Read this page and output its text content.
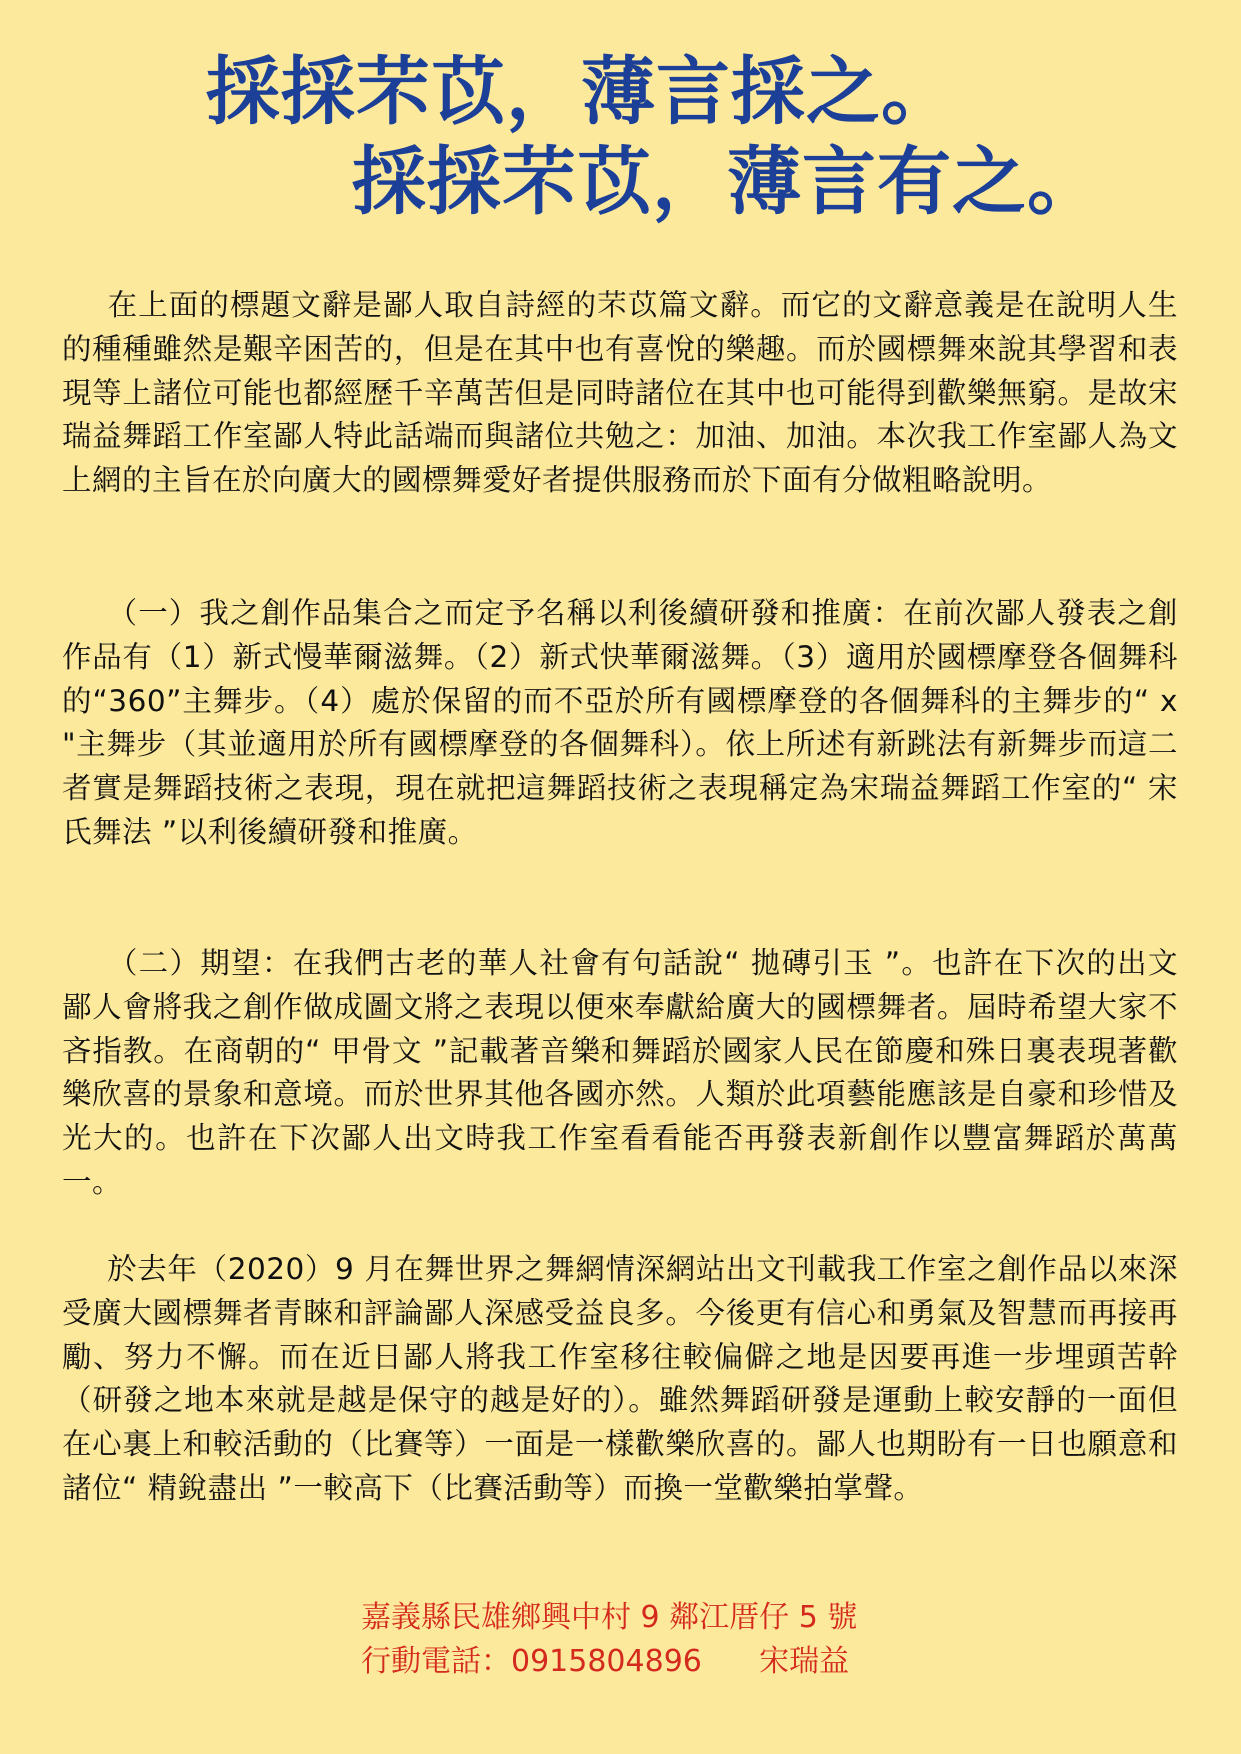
採採芣苡，薄言採之。
採採芣苡，薄言有之。

在上面的標題文辭是鄙人取自詩經的芣苡篇文辭。而它的文辭意義是在說明人生的種種雖然是艱辛困苦的，但是在其中也有喜悅的樂趣。而於國標舞來說其學習和表現等上諸位可能也都經歷千辛萬苦但是同時諸位在其中也可能得到歡樂無窮。是故宋瑞益舞蹈工作室鄙人特此話端而與諸位共勉之：加油、加油。本次我工作室鄙人為文上網的主旨在於向廣大的國標舞愛好者提供服務而於下面有分做粗略說明。

（一）我之創作品集合之而定予名稱以利後續研發和推廣：在前次鄙人發表之創作品有（1）新式慢華爾滋舞。（2）新式快華爾滋舞。（3）適用於國標摩登各個舞科的“360”主舞步。（4）處於保留的而不亞於所有國標摩登的各個舞科的主舞步的“ x "主舞步（其並適用於所有國標摩登的各個舞科）。依上所述有新跳法有新舞步而這二者實是舞蹈技術之表現，現在就把這舞蹈技術之表現稱定為宋瑞益舞蹈工作室的“ 宋氏舞法 ”以利後續研發和推廣。

（二）期望：在我們古老的華人社會有句話說“ 拋磚引玉 ”。也許在下次的出文鄙人會將我之創作做成圖文將之表現以便來奉獻給廣大的國標舞者。屆時希望大家不吝指教。在商朝的“ 甲骨文 ”記載著音樂和舞蹈於國家人民在節慶和殊日裏表現著歡樂欣喜的景象和意境。而於世界其他各國亦然。人類於此項藝能應該是自豪和珍惜及光大的。也許在下次鄙人出文時我工作室看看能否再發表新創作以豐富舞蹈於萬萬一。

於去年（2020）9 月在舞世界之舞網情深網站出文刊載我工作室之創作品以來深受廣大國標舞者青睞和評論鄙人深感受益良多。今後更有信心和勇氣及智慧而再接再勵、努力不懈。而在近日鄙人將我工作室移往較偏僻之地是因要再進一步埋頭苦幹（研發之地本來就是越是保守的越是好的）。雖然舞蹈研發是運動上較安靜的一面但在心裏上和較活動的（比賽等）一面是一樣歡樂欣喜的。鄙人也期盼有一日也願意和諸位“ 精銳盡出 ”一較高下（比賽活動等）而換一堂歡樂拍掌聲。

嘉義縣民雄鄉興中村 9 鄰江厝仔 5 號
行動電話：0915804896      宋瑞益
